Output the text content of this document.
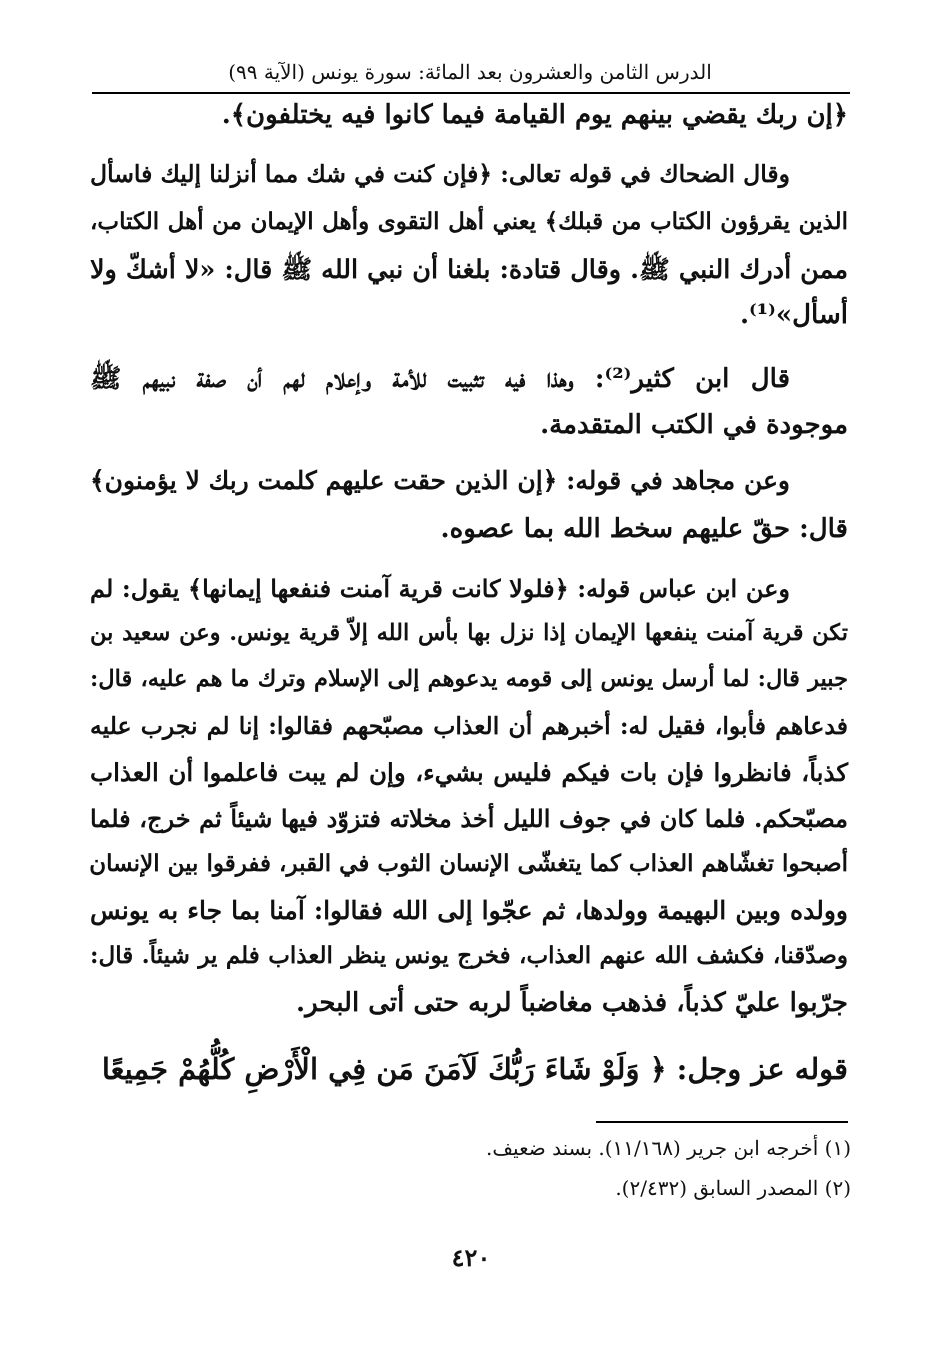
الدرس الثامن والعشرون بعد المائة: سورة يونس (الآية ٩٩)
﴿إن ربك يقضي بينهم يوم القيامة فيما كانوا فيه يختلفون﴾.
وقال الضحاك في قوله تعالى: ﴿فإن كنت في شك مما أنزلنا إليك فاسأل
الذين يقرؤون الكتاب من قبلك﴾ يعني أهل التقوى وأهل الإيمان من أهل الكتاب،
ممن أدرك النبي ﷺ. وقال قتادة: بلغنا أن نبي الله ﷺ قال: «لا أشكّ ولا
أسأل»⁽¹⁾.
قال ابن كثير⁽²⁾: وهذا فيه تثبيت للأمة وإعلام لهم أن صفة نبيهم ﷺ
موجودة في الكتب المتقدمة.
وعن مجاهد في قوله: ﴿إن الذين حقت عليهم كلمت ربك لا يؤمنون﴾
قال: حقّ عليهم سخط الله بما عصوه.
وعن ابن عباس قوله: ﴿فلولا كانت قرية آمنت فنفعها إيمانها﴾ يقول: لم
تكن قرية آمنت ينفعها الإيمان إذا نزل بها بأس الله إلاّ قرية يونس. وعن سعيد بن
جبير قال: لما أرسل يونس إلى قومه يدعوهم إلى الإسلام وترك ما هم عليه، قال:
فدعاهم فأبوا، فقيل له: أخبرهم أن العذاب مصبّحهم فقالوا: إنا لم نجرب عليه
كذباً، فانظروا فإن بات فيكم فليس بشيء، وإن لم يبت فاعلموا أن العذاب
مصبّحكم. فلما كان في جوف الليل أخذ مخلاته فتزوّد فيها شيئاً ثم خرج، فلما
أصبحوا تغشّاهم العذاب كما يتغشّى الإنسان الثوب في القبر، ففرقوا بين الإنسان
وولده وبين البهيمة وولدها، ثم عجّوا إلى الله فقالوا: آمنا بما جاء به يونس
وصدّقنا، فكشف الله عنهم العذاب، فخرج يونس ينظر العذاب فلم ير شيئاً. قال:
جرّبوا عليّ كذباً، فذهب مغاضباً لربه حتى أتى البحر.
قوله عز وجل: ﴿ وَلَوْ شَاءَ رَبُّكَ لَآمَنَ مَن فِي الْأَرْضِ كُلُّهُمْ جَمِيعًا
(١) أخرجه ابن جرير (١١/١٦٨). بسند ضعيف.
(٢) المصدر السابق (٢/٤٣٢).
٤٢٠
